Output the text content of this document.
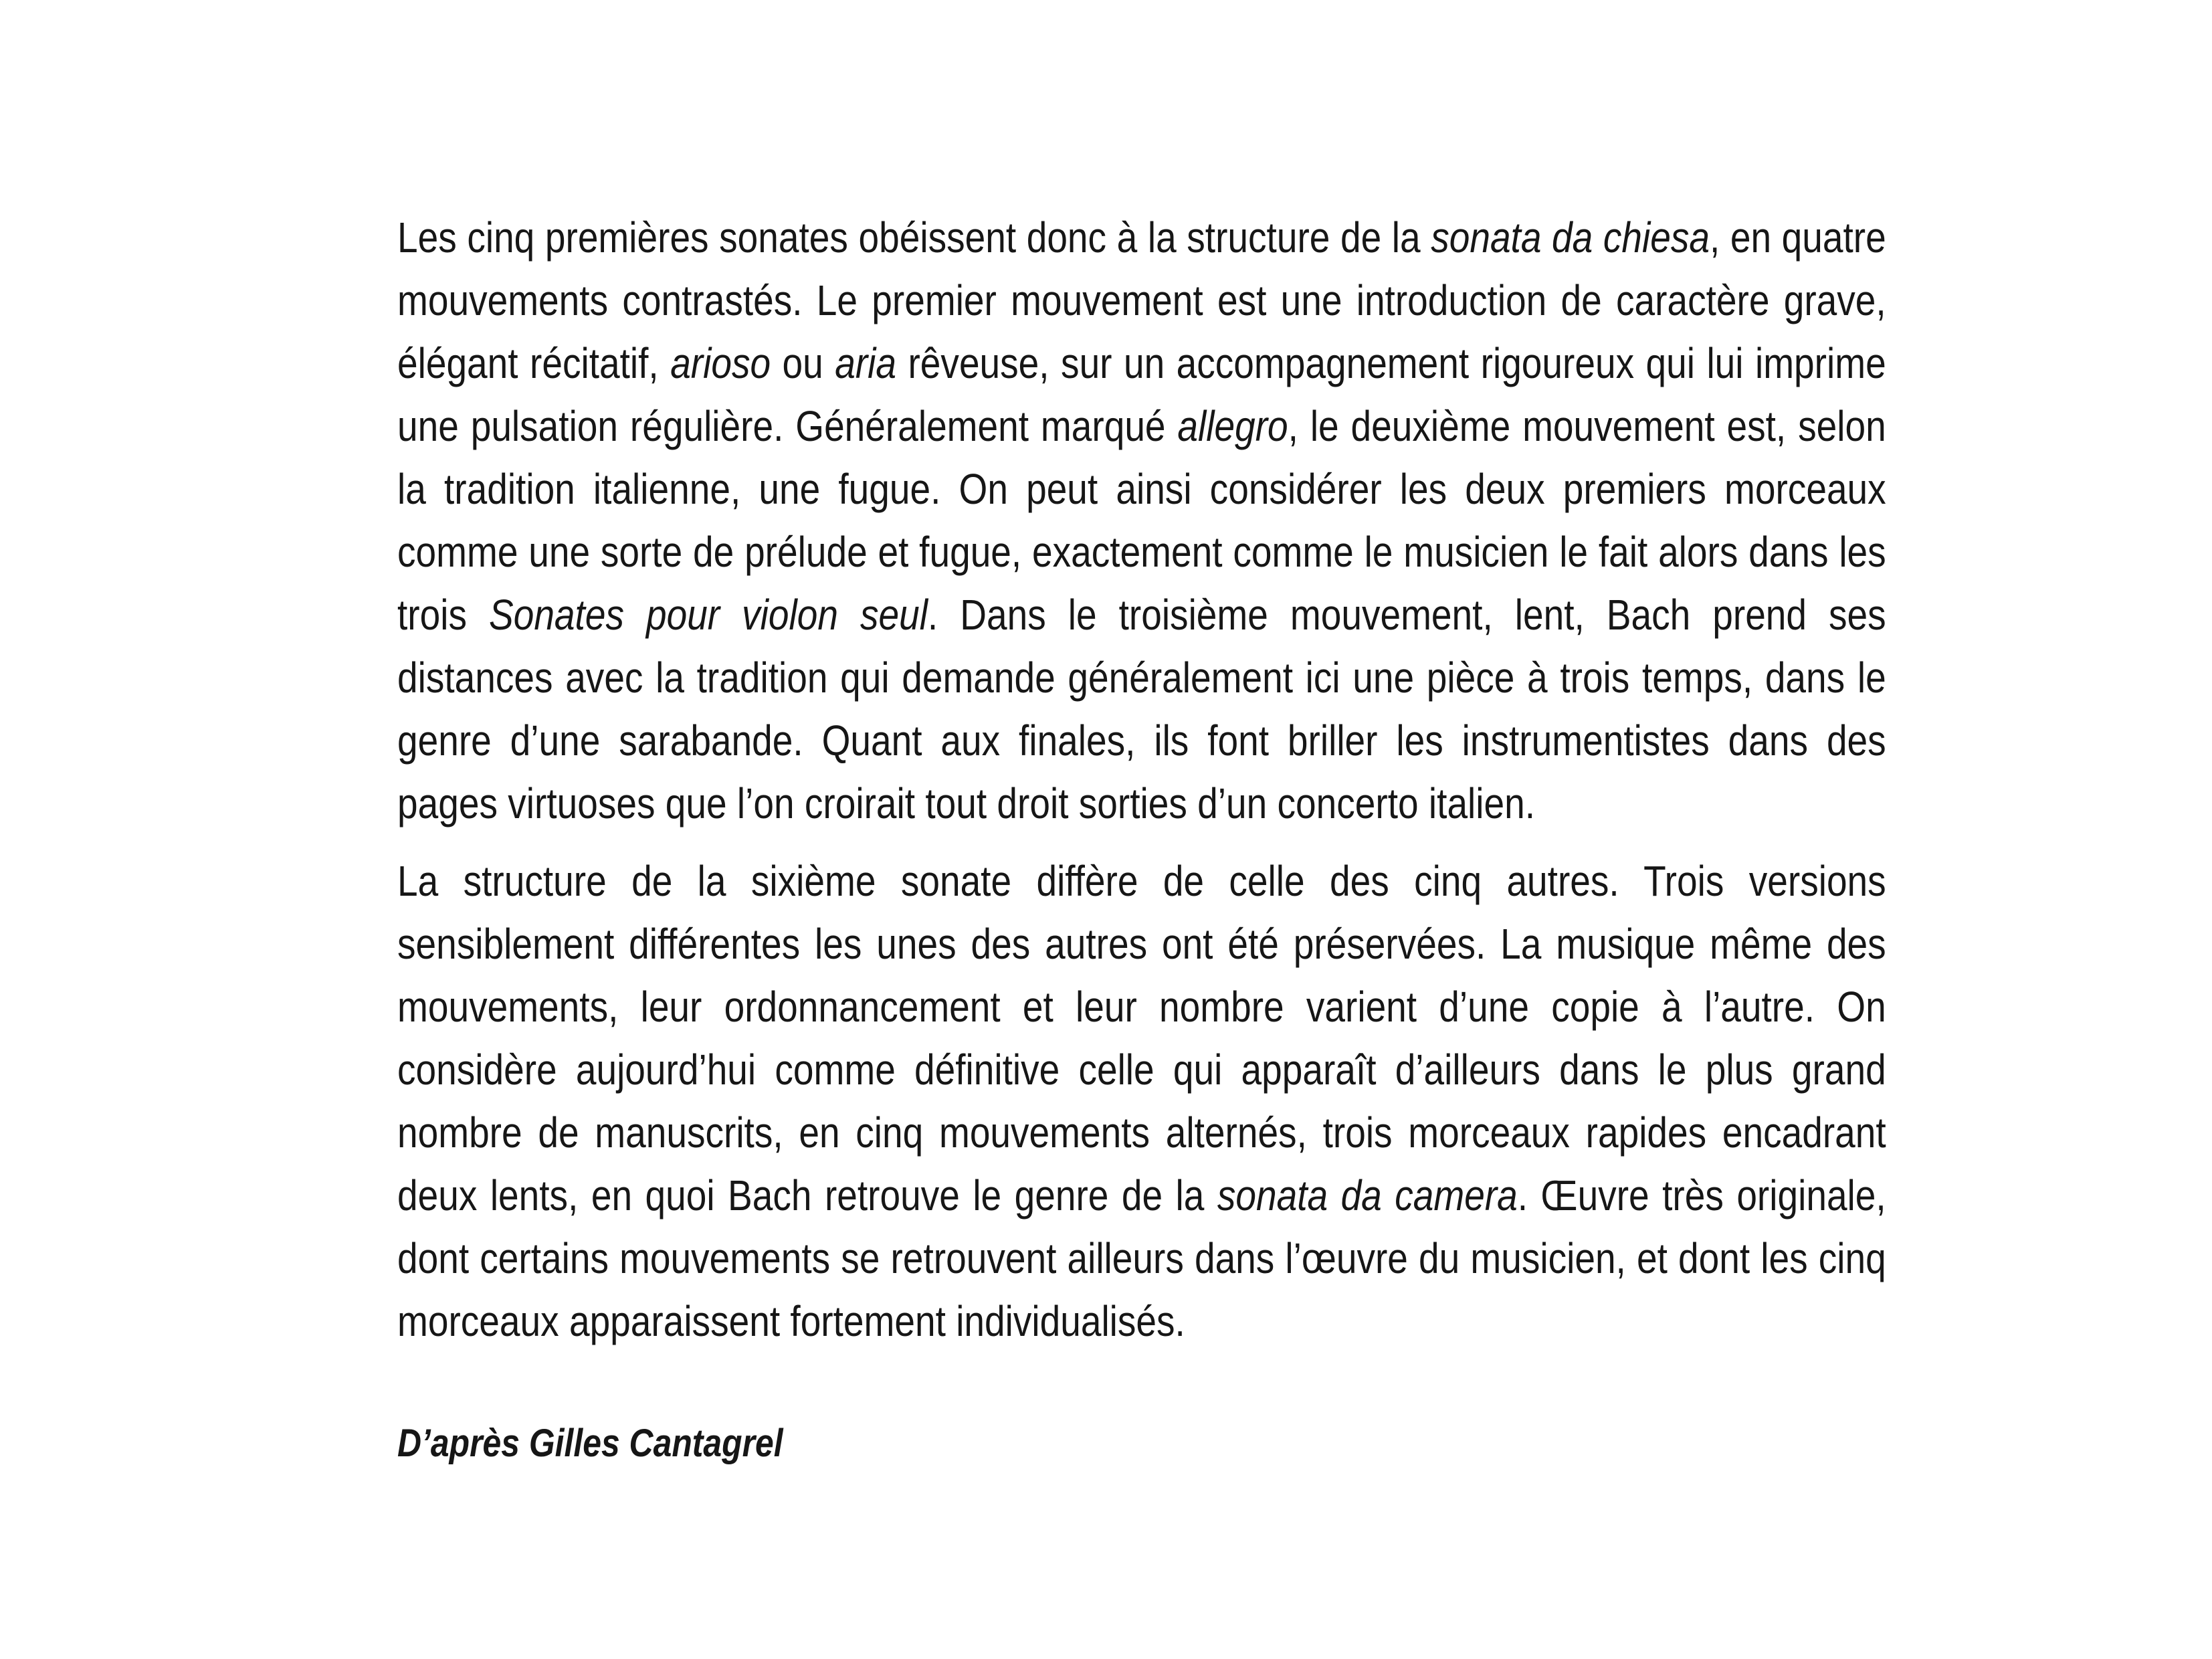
Les cinq premières sonates obéissent donc à la structure de la sonata da chiesa, en quatre mouvements contrastés. Le premier mouvement est une introduction de caractère grave, élégant récitatif, arioso ou aria rêveuse, sur un accompagnement rigoureux qui lui imprime une pulsation régulière. Généralement marqué allegro, le deuxième mouvement est, selon la tradition italienne, une fugue. On peut ainsi considérer les deux premiers morceaux comme une sorte de prélude et fugue, exactement comme le musicien le fait alors dans les trois Sonates pour violon seul. Dans le troisième mouvement, lent, Bach prend ses distances avec la tradition qui demande généralement ici une pièce à trois temps, dans le genre d’une sarabande. Quant aux finales, ils font briller les instrumentistes dans des pages virtuoses que l’on croirait tout droit sorties d’un concerto italien.

La structure de la sixième sonate diffère de celle des cinq autres. Trois versions sensiblement différentes les unes des autres ont été préservées. La musique même des mouvements, leur ordonnancement et leur nombre varient d’une copie à l’autre. On considère aujourd’hui comme définitive celle qui apparaît d’ailleurs dans le plus grand nombre de manuscrits, en cinq mouvements alternés, trois morceaux rapides encadrant deux lents, en quoi Bach retrouve le genre de la sonata da camera. Œuvre très originale, dont certains mouvements se retrouvent ailleurs dans l’œuvre du musicien, et dont les cinq morceaux apparaissent fortement individualisés.

D’après Gilles Cantagrel
